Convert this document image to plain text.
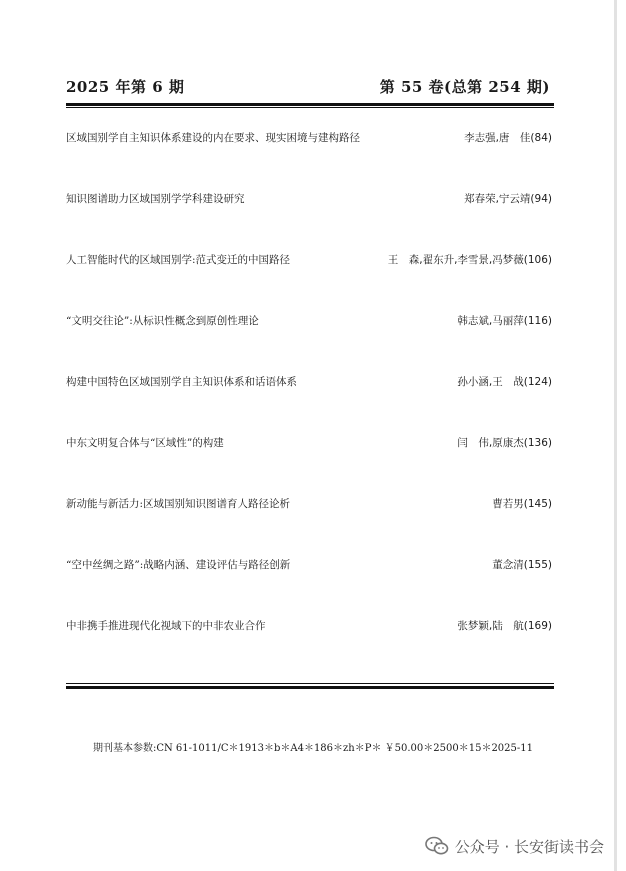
2025 年第 6 期	第 55 卷(总第 254 期)
区域国别学自主知识体系建设的内在要求、现实困境与建构路径	李志强,唐　佳(84)
知识图谱助力区域国别学学科建设研究	郑春荣,宁云靖(94)
人工智能时代的区域国别学:范式变迁的中国路径	王　森,翟东升,李雪景,冯梦薇(106)
“文明交往论”:从标识性概念到原创性理论	韩志斌,马丽萍(116)
构建中国特色区域国别学自主知识体系和话语体系	孙小涵,王　战(124)
中东文明复合体与“区域性”的构建	闫　伟,原康杰(136)
新动能与新活力:区域国别知识图谱育人路径论析	曹若男(145)
“空中丝绸之路”:战略内涵、建设评估与路径创新	董念清(155)
中非携手推进现代化视域下的中非农业合作	张梦颖,陆　航(169)
期刊基本参数:CN 61-1011/C＊1913＊b＊A4＊186＊zh＊P＊ ￥50.00＊2500＊15＊2025-11
公众号 · 长安街读书会
